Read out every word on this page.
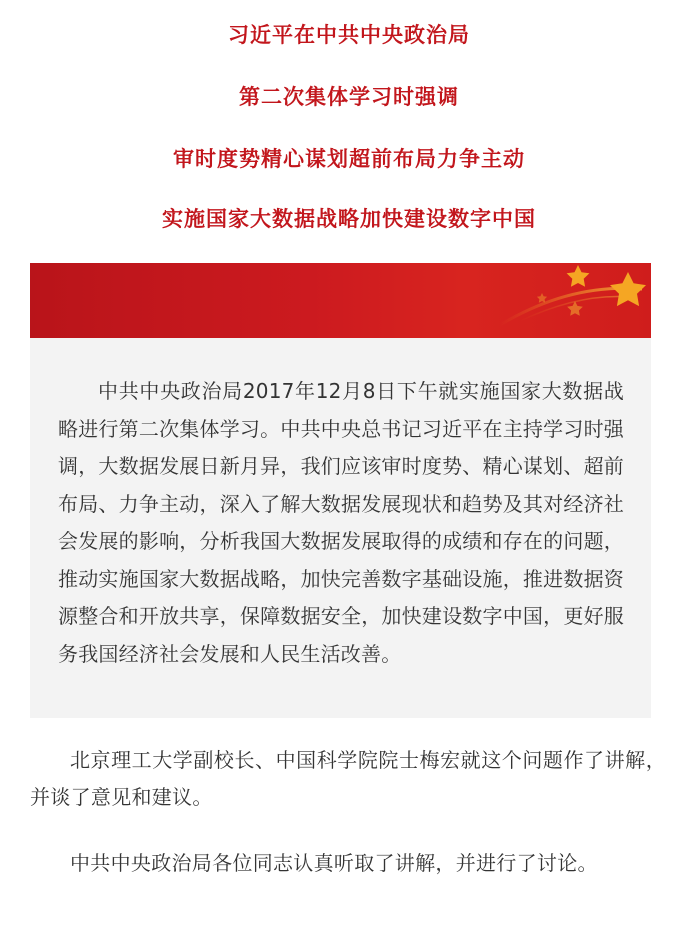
习近平在中共中央政治局
第二次集体学习时强调
审时度势精心谋划超前布局力争主动
实施国家大数据战略加快建设数字中国

中共中央政治局2017年12月8日下午就实施国家大数据战略进行第二次集体学习。中共中央总书记习近平在主持学习时强调，大数据发展日新月异，我们应该审时度势、精心谋划、超前布局、力争主动，深入了解大数据发展现状和趋势及其对经济社会发展的影响，分析我国大数据发展取得的成绩和存在的问题，推动实施国家大数据战略，加快完善数字基础设施，推进数据资源整合和开放共享，保障数据安全，加快建设数字中国，更好服务我国经济社会发展和人民生活改善。

北京理工大学副校长、中国科学院院士梅宏就这个问题作了讲解，并谈了意见和建议。

中共中央政治局各位同志认真听取了讲解，并进行了讨论。
